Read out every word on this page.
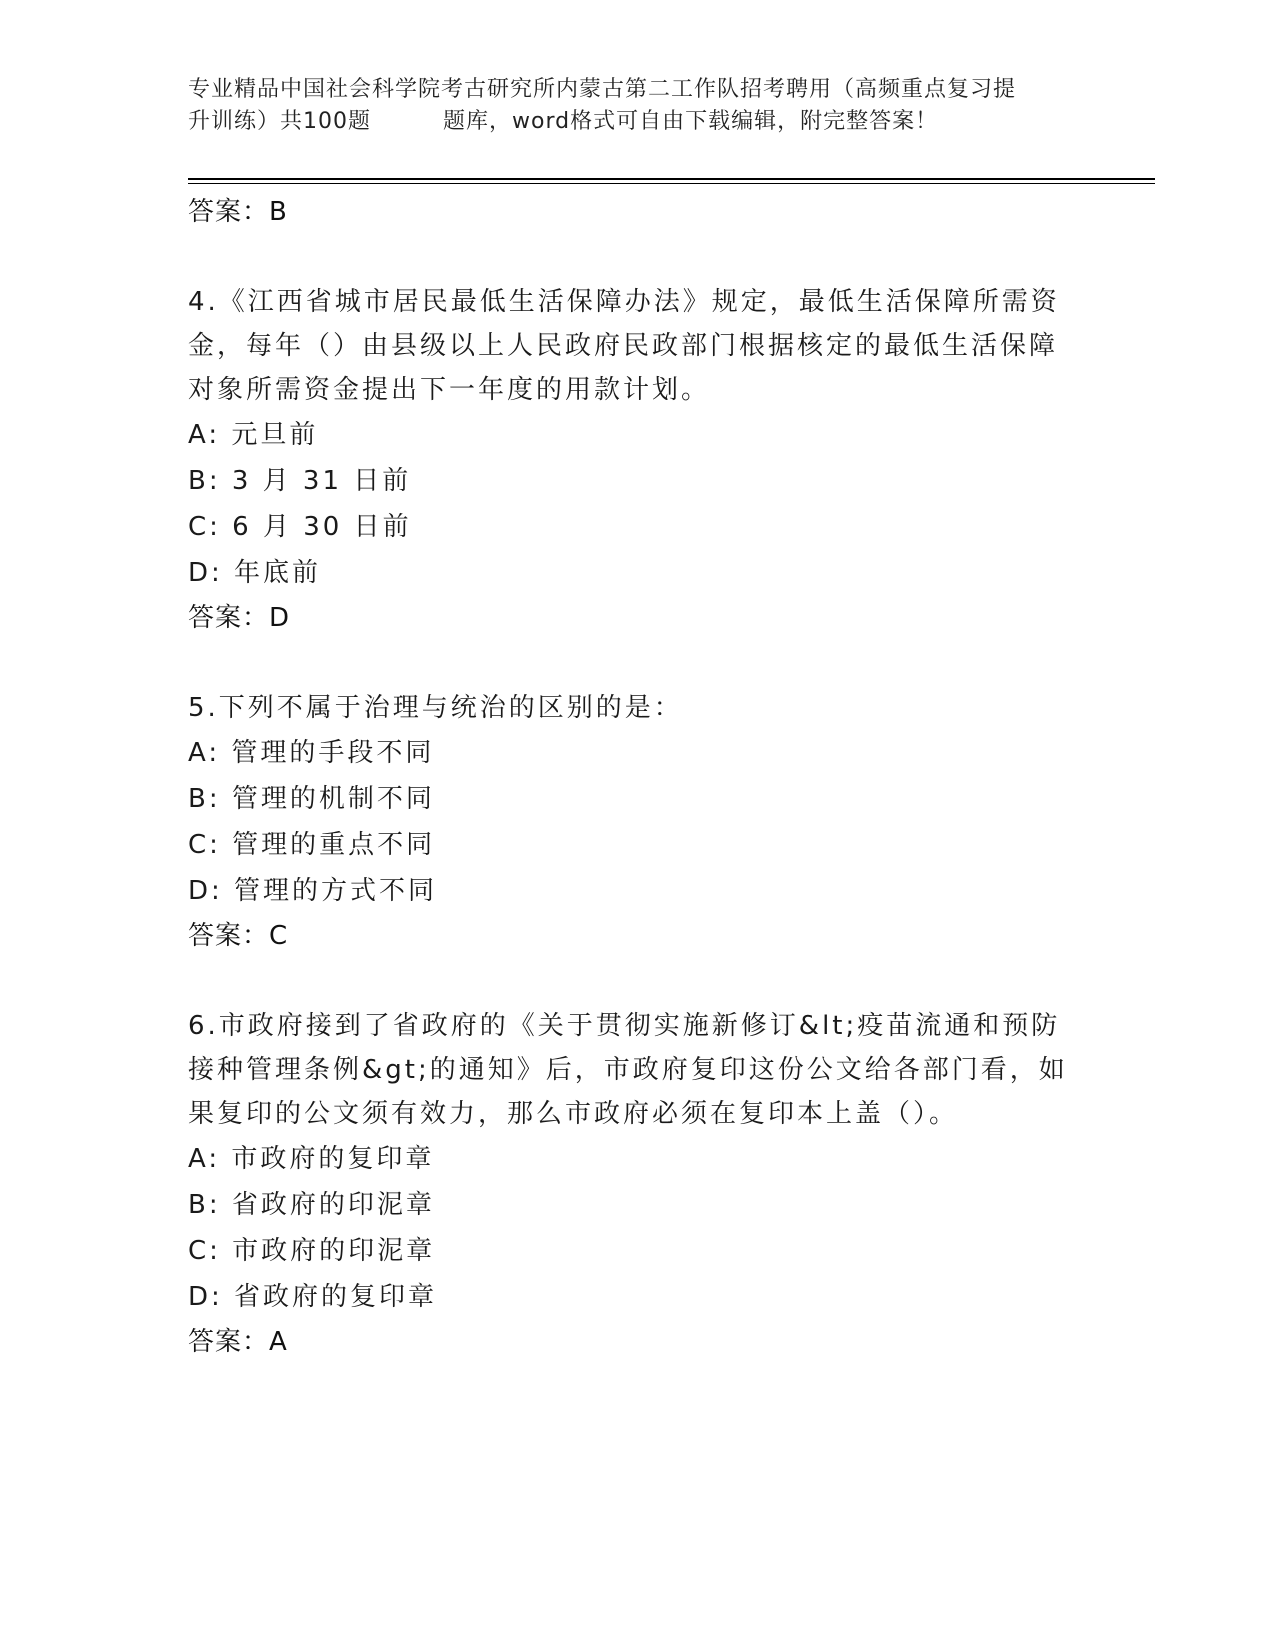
专业精品中国社会科学院考古研究所内蒙古第二工作队招考聘用（高频重点复习提
升训练）共100题	题库，word格式可自由下载编辑，附完整答案！
答案：B
4.《江西省城市居民最低生活保障办法》规定，最低生活保障所需资金，每年（）由县级以上人民政府民政部门根据核定的最低生活保障对象所需资金提出下一年度的用款计划。
A: 元旦前
B: 3 月 31 日前
C: 6 月 30 日前
D: 年底前
答案：D
5.下列不属于治理与统治的区别的是：
A: 管理的手段不同
B: 管理的机制不同
C: 管理的重点不同
D: 管理的方式不同
答案：C
6.市政府接到了省政府的《关于贯彻实施新修订&lt;疫苗流通和预防接种管理条例&gt;的通知》后，市政府复印这份公文给各部门看，如果复印的公文须有效力，那么市政府必须在复印本上盖（）。
A: 市政府的复印章
B: 省政府的印泥章
C: 市政府的印泥章
D: 省政府的复印章
答案：A
